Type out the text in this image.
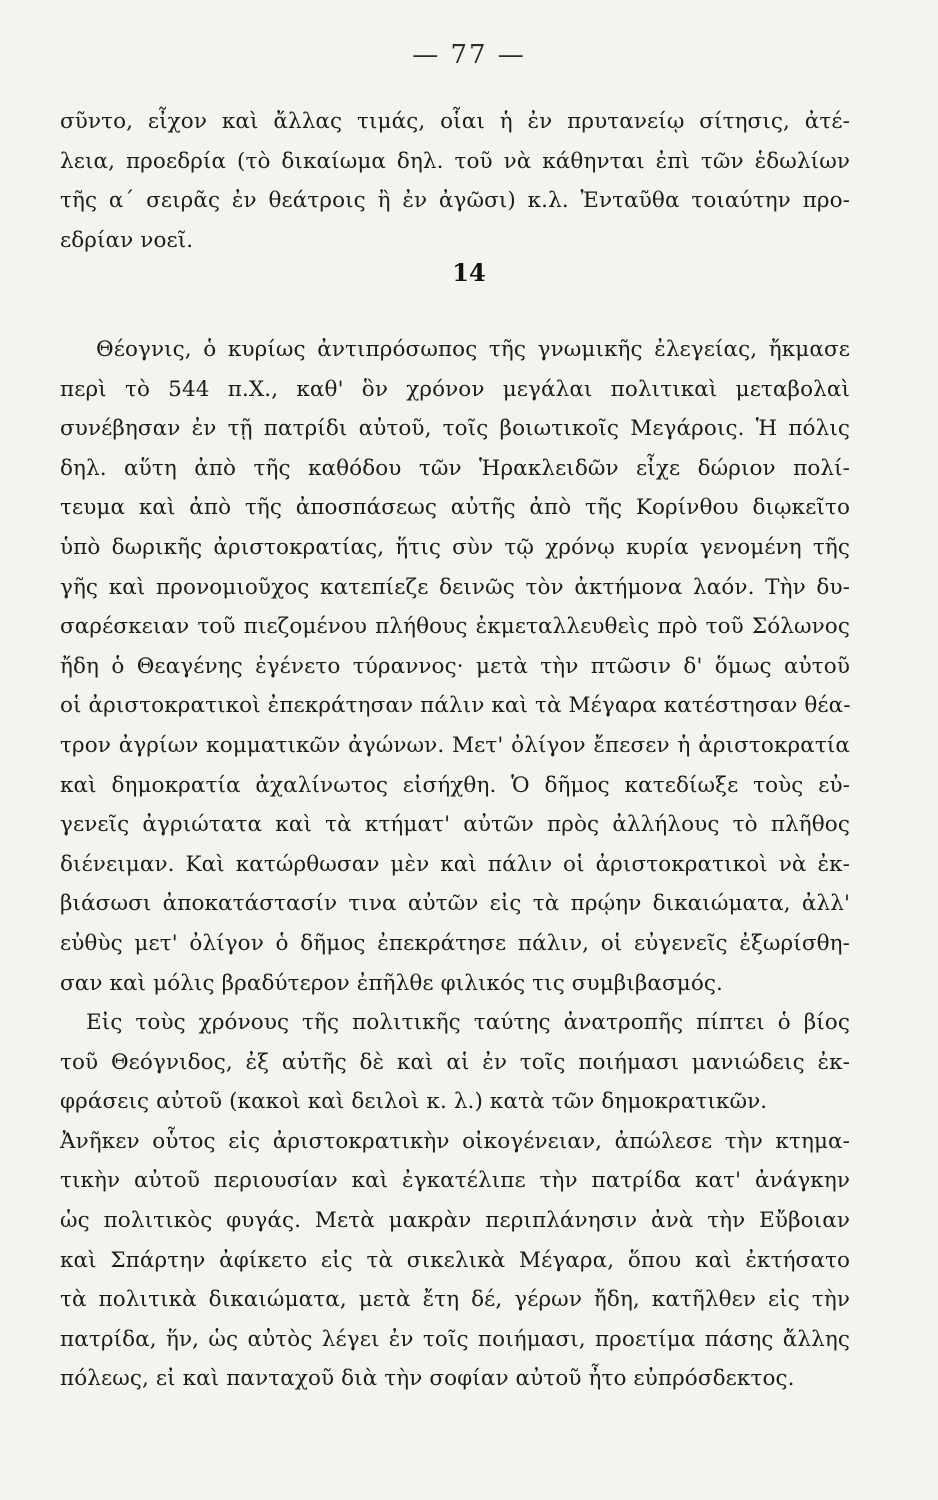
— 77 —
σῦντο, εἶχον καὶ ἄλλας τιμάς, οἷαι ἡ ἐν πρυτανείῳ σίτησις, ἀτέ-
λεια, προεδρία (τὸ δικαίωμα δηλ. τοῦ νὰ κάθηνται ἐπὶ τῶν ἑδωλίων
τῆς α΄ σειρᾶς ἐν θεάτροις ἢ ἐν ἀγῶσι) κ.λ. Ἐνταῦθα τοιαύτην προ-
εδρίαν νοεῖ.
14
Θέογνις, ὁ κυρίως ἀντιπρόσωπος τῆς γνωμικῆς ἐλεγείας, ἤκμασε
περὶ τὸ 544 π.Χ., καθ' ὃν χρόνον μεγάλαι πολιτικαὶ μεταβολαὶ
συνέβησαν ἐν τῇ πατρίδι αὐτοῦ, τοῖς βοιωτικοῖς Μεγάροις. Ἡ πόλις
δηλ. αὕτη ἀπὸ τῆς καθόδου τῶν Ἡρακλειδῶν εἶχε δώριον πολί-
τευμα καὶ ἀπὸ τῆς ἀποσπάσεως αὐτῆς ἀπὸ τῆς Κορίνθου διῳκεῖτο
ὑπὸ δωρικῆς ἀριστοκρατίας, ἥτις σὺν τῷ χρόνῳ κυρία γενομένη τῆς
γῆς καὶ προνομιοῦχος κατεπίεζε δεινῶς τὸν ἀκτήμονα λαόν. Τὴν δυ-
σαρέσκειαν τοῦ πιεζομένου πλήθους ἐκμεταλλευθεὶς πρὸ τοῦ Σόλωνος
ἤδη ὁ Θεαγένης ἐγένετο τύραννος· μετὰ τὴν πτῶσιν δ' ὅμως αὐτοῦ
οἱ ἀριστοκρατικοὶ ἐπεκράτησαν πάλιν καὶ τὰ Μέγαρα κατέστησαν θέα-
τρον ἀγρίων κομματικῶν ἀγώνων. Μετ' ὀλίγον ἔπεσεν ἡ ἀριστοκρατία
καὶ δημοκρατία ἀχαλίνωτος εἰσήχθη. Ὁ δῆμος κατεδίωξε τοὺς εὐ-
γενεῖς ἀγριώτατα καὶ τὰ κτήματ' αὐτῶν πρὸς ἀλλήλους τὸ πλῆθος
διένειμαν. Καὶ κατώρθωσαν μὲν καὶ πάλιν οἱ ἀριστοκρατικοὶ νὰ ἐκ-
βιάσωσι ἀποκατάστασίν τινα αὐτῶν εἰς τὰ πρῴην δικαιώματα, ἀλλ'
εὐθὺς μετ' ὀλίγον ὁ δῆμος ἐπεκράτησε πάλιν, οἱ εὐγενεῖς ἐξωρίσθη-
σαν καὶ μόλις βραδύτερον ἐπῆλθε φιλικός τις συμβιβασμός.
Εἰς τοὺς χρόνους τῆς πολιτικῆς ταύτης ἀνατροπῆς πίπτει ὁ βίος
τοῦ Θεόγνιδος, ἐξ αὐτῆς δὲ καὶ αἱ ἐν τοῖς ποιήμασι μανιώδεις ἐκ-
φράσεις αὐτοῦ (κακοὶ καὶ δειλοὶ κ. λ.) κατὰ τῶν δημοκρατικῶν.
Ἀνῆκεν οὗτος εἰς ἀριστοκρατικὴν οἰκογένειαν, ἀπώλεσε τὴν κτημα-
τικὴν αὐτοῦ περιουσίαν καὶ ἐγκατέλιπε τὴν πατρίδα κατ' ἀνάγκην
ὡς πολιτικὸς φυγάς. Μετὰ μακρὰν περιπλάνησιν ἀνὰ τὴν Εὔβοιαν
καὶ Σπάρτην ἀφίκετο εἰς τὰ σικελικὰ Μέγαρα, ὅπου καὶ ἐκτήσατο
τὰ πολιτικὰ δικαιώματα, μετὰ ἔτη δέ, γέρων ἤδη, κατῆλθεν εἰς τὴν
πατρίδα, ἥν, ὡς αὐτὸς λέγει ἐν τοῖς ποιήμασι, προετίμα πάσης ἄλλης
πόλεως, εἰ καὶ πανταχοῦ διὰ τὴν σοφίαν αὐτοῦ ἦτο εὐπρόσδεκτος.
